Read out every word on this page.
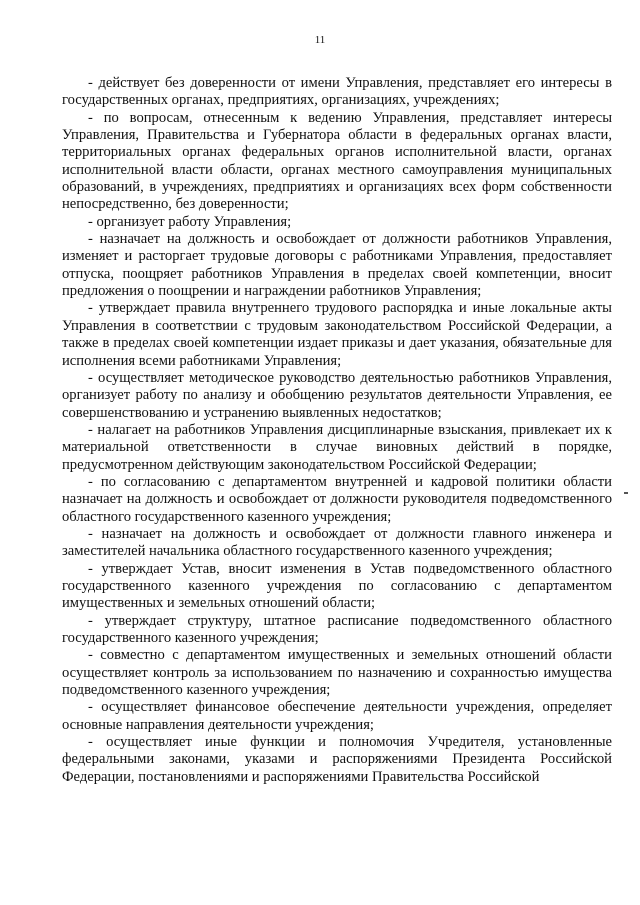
11

- действует без доверенности от имени Управления, представляет его интересы в государственных органах, предприятиях, организациях, учреждениях;

- по вопросам, отнесенным к ведению Управления, представляет интересы Управления, Правительства и Губернатора области в федеральных органах власти, территориальных органах федеральных органов исполнительной власти, органах исполнительной власти области, органах местного самоуправления муниципальных образований, в учреждениях, предприятиях и организациях всех форм собственности непосредственно, без доверенности;

- организует работу Управления;

- назначает на должность и освобождает от должности работников Управления, изменяет и расторгает трудовые договоры с работниками Управления, предоставляет отпуска, поощряет работников Управления в пределах своей компетенции, вносит предложения о поощрении и награждении работников Управления;

- утверждает правила внутреннего трудового распорядка и иные локальные акты Управления в соответствии с трудовым законодательством Российской Федерации, а также в пределах своей компетенции издает приказы и дает указания, обязательные для исполнения всеми работниками Управления;

- осуществляет методическое руководство деятельностью работников Управления, организует работу по анализу и обобщению результатов деятельности Управления, ее совершенствованию и устранению выявленных недостатков;

- налагает на работников Управления дисциплинарные взыскания, привлекает их к материальной ответственности в случае виновных действий в порядке, предусмотренном действующим законодательством Российской Федерации;

- по согласованию с департаментом внутренней и кадровой политики области назначает на должность и освобождает от должности руководителя подведомственного областного государственного казенного учреждения;

- назначает на должность и освобождает от должности главного инженера и заместителей начальника областного государственного казенного учреждения;

- утверждает Устав, вносит изменения в Устав подведомственного областного государственного казенного учреждения по согласованию с департаментом имущественных и земельных отношений области;

- утверждает структуру, штатное расписание подведомственного областного государственного казенного учреждения;

- совместно с департаментом имущественных и земельных отношений области осуществляет контроль за использованием по назначению и сохранностью имущества подведомственного казенного учреждения;

- осуществляет финансовое обеспечение деятельности учреждения, определяет основные направления деятельности учреждения;

- осуществляет иные функции и полномочия Учредителя, установленные федеральными законами, указами и распоряжениями Президента Российской Федерации, постановлениями и распоряжениями Правительства Российской
